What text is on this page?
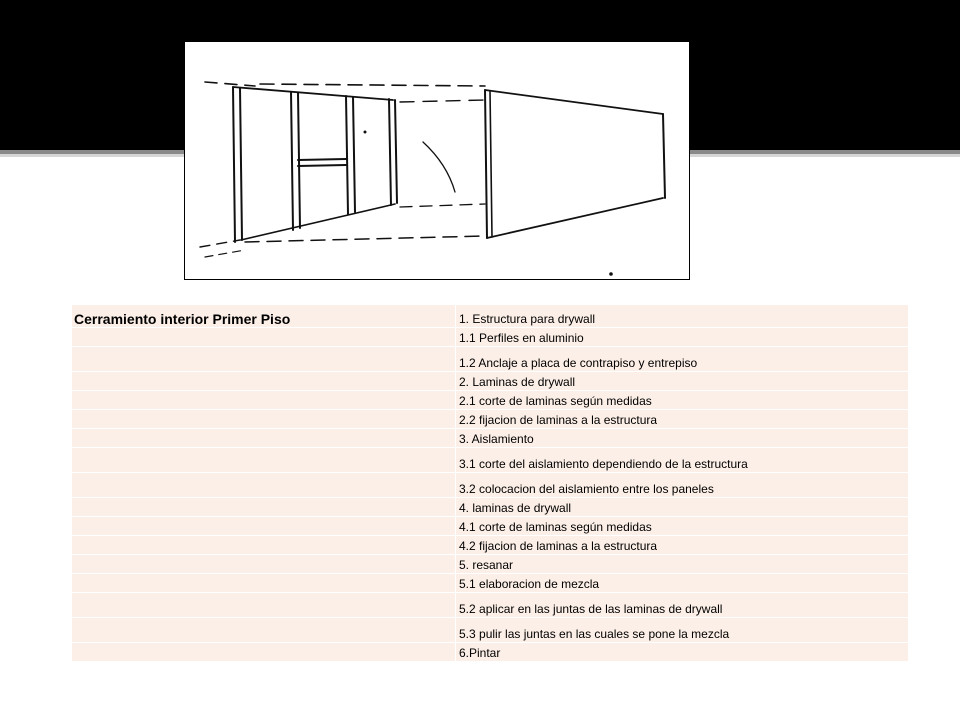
Cerramiento interior Primer Piso	1. Estructura para drywall
	1.1 Perfiles en aluminio
	1.2 Anclaje a placa de contrapiso y entrepiso
	2. Laminas de drywall
	2.1 corte de laminas según medidas
	2.2 fijacion de laminas a la estructura
	3. Aislamiento
	3.1 corte del aislamiento dependiendo de la estructura
	3.2 colocacion del aislamiento entre los paneles
	4. laminas de drywall
	4.1 corte de laminas según medidas
	4.2 fijacion de laminas a la estructura
	5. resanar
	5.1 elaboracion de mezcla
	5.2 aplicar en las juntas de las laminas de drywall
	5.3 pulir las juntas en las cuales se pone la mezcla
	6.Pintar
